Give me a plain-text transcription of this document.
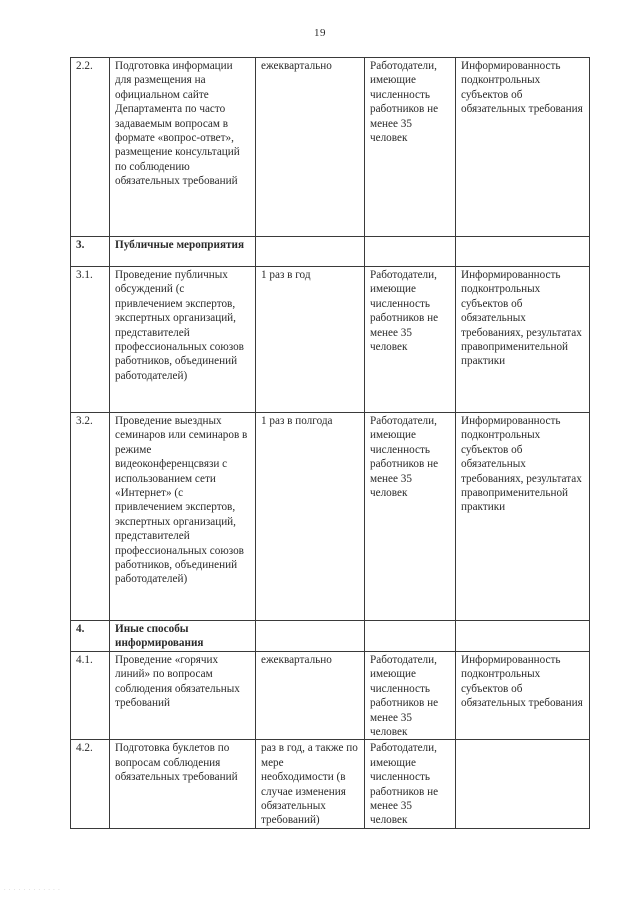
19
2.2.	Подготовка информации для размещения на официальном сайте Департамента по часто задаваемым вопросам в формате «вопрос-ответ», размещение консультаций по соблюдению обязательных требований	ежеквартально	Работодатели, имеющие численность работников не менее 35 человек	Информированность подконтрольных субъектов об обязательных требования
3.	Публичные мероприятия			
3.1.	Проведение публичных обсуждений (с привлечением экспертов, экспертных организаций, представителей профессиональных союзов работников, объединений работодателей)	1 раз в год	Работодатели, имеющие численность работников не менее 35 человек	Информированность подконтрольных субъектов об обязательных требованиях, результатах правоприменительной практики
3.2.	Проведение выездных семинаров или семинаров в режиме видеоконференцсвязи с использованием сети «Интернет» (с привлечением экспертов, экспертных организаций, представителей профессиональных союзов работников, объединений работодателей)	1 раз в полгода	Работодатели, имеющие численность работников не менее 35 человек	Информированность подконтрольных субъектов об обязательных требованиях, результатах правоприменительной практики
4.	Иные способы информирования			
4.1.	Проведение «горячих линий» по вопросам соблюдения обязательных требований	ежеквартально	Работодатели, имеющие численность работников не менее 35 человек	Информированность подконтрольных субъектов об обязательных требования
4.2.	Подготовка буклетов по вопросам соблюдения обязательных требований	раз в год, а также по мере необходимости (в случае изменения обязательных требований)	Работодатели, имеющие численность работников не менее 35 человек	
· · · · · · · · · · · ·
